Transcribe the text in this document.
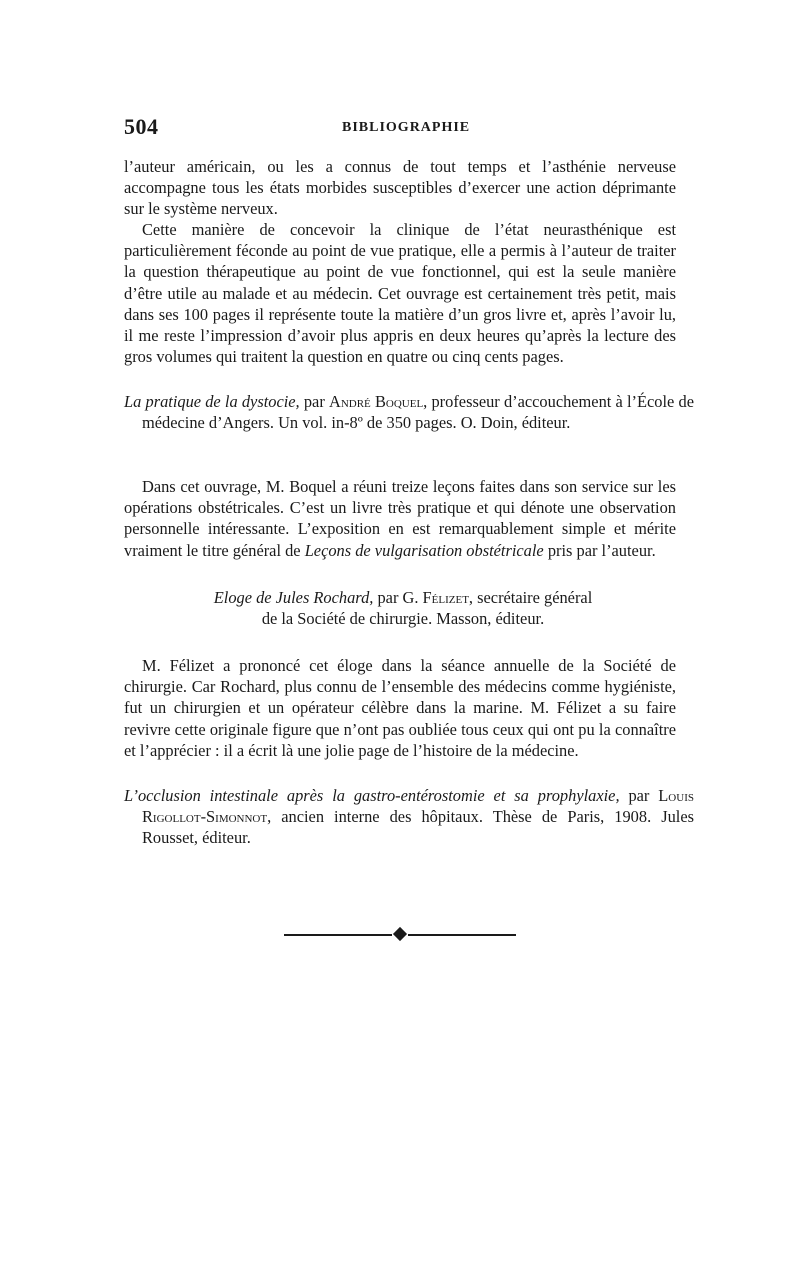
504	BIBLIOGRAPHIE

l’auteur américain, ou les a connus de tout temps et l’asthénie nerveuse accompagne tous les états morbides susceptibles d’exercer une action déprimante sur le système nerveux.

Cette manière de concevoir la clinique de l’état neurasthénique est particulièrement féconde au point de vue pratique, elle a permis à l’auteur de traiter la question thérapeutique au point de vue fonctionnel, qui est la seule manière d’être utile au malade et au médecin. Cet ouvrage est certainement très petit, mais dans ses 100 pages il représente toute la matière d’un gros livre et, après l’avoir lu, il me reste l’impression d’avoir plus appris en deux heures qu’après la lecture des gros volumes qui traitent la question en quatre ou cinq cents pages.

La pratique de la dystocie, par André Boquel, professeur d’accouchement à l’École de médecine d’Angers. Un vol. in-8º de 350 pages. O. Doin, éditeur.

Dans cet ouvrage, M. Boquel a réuni treize leçons faites dans son service sur les opérations obstétricales. C’est un livre très pratique et qui dénote une observation personnelle intéressante. L’exposition en est remarquablement simple et mérite vraiment le titre général de Leçons de vulgarisation obstétricale pris par l’auteur.

Eloge de Jules Rochard, par G. Félizet, secrétaire général
de la Société de chirurgie. Masson, éditeur.

M. Félizet a prononcé cet éloge dans la séance annuelle de la Société de chirurgie. Car Rochard, plus connu de l’ensemble des médecins comme hygiéniste, fut un chirurgien et un opérateur célèbre dans la marine. M. Félizet a su faire revivre cette originale figure que n’ont pas oubliée tous ceux qui ont pu la connaître et l’apprécier : il a écrit là une jolie page de l’histoire de la médecine.

L’occlusion intestinale après la gastro-entérostomie et sa prophylaxie, par Louis Rigollot-Simonnot, ancien interne des hôpitaux. Thèse de Paris, 1908. Jules Rousset, éditeur.
